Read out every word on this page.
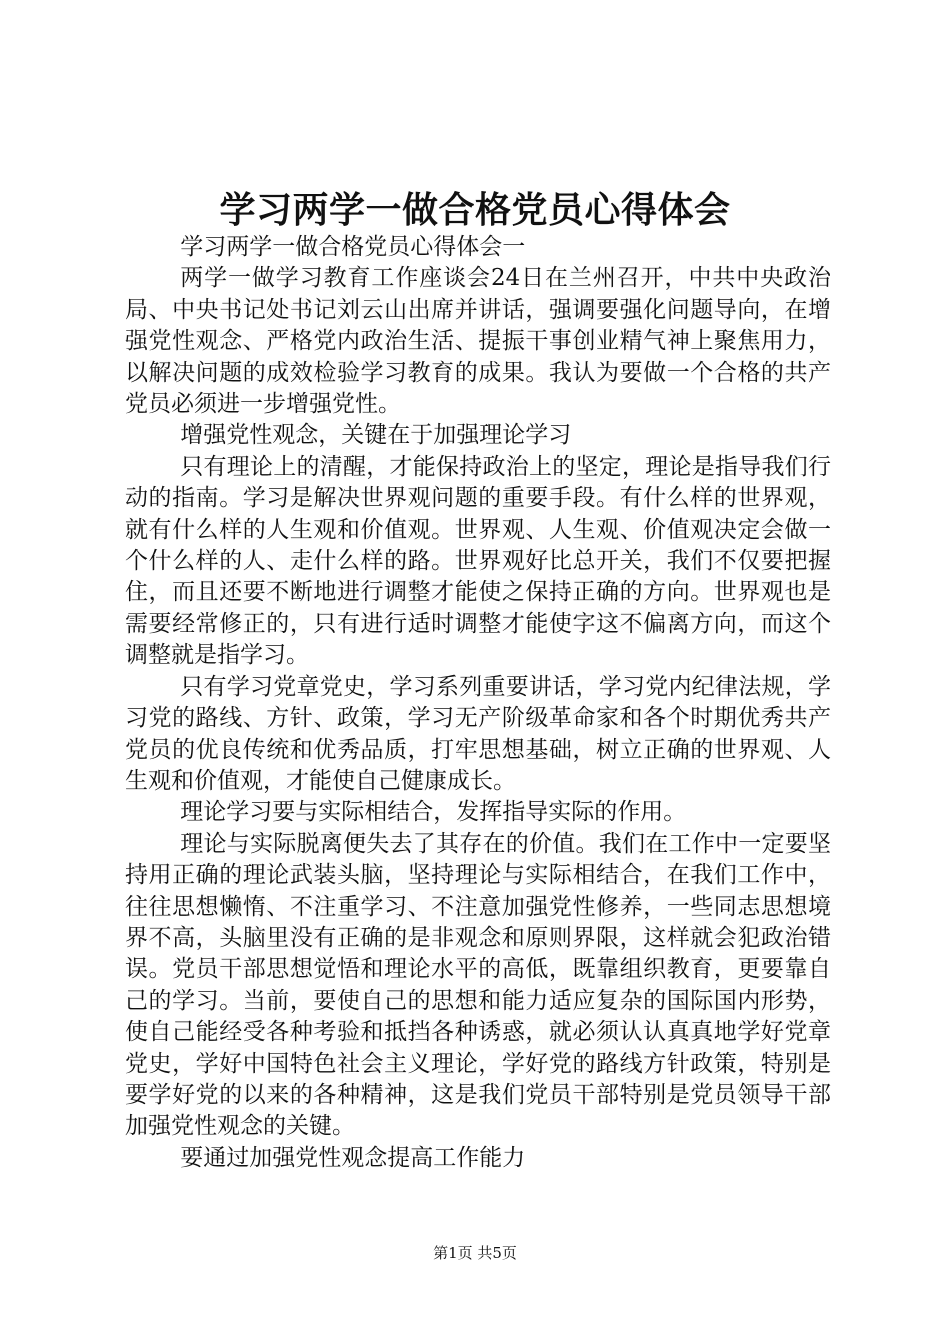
学习两学一做合格党员心得体会

学习两学一做合格党员心得体会一

两学一做学习教育工作座谈会24日在兰州召开，中共中央政治局、中央书记处书记刘云山出席并讲话，强调要强化问题导向，在增强党性观念、严格党内政治生活、提振干事创业精气神上聚焦用力，以解决问题的成效检验学习教育的成果。我认为要做一个合格的共产党员必须进一步增强党性。

增强党性观念，关键在于加强理论学习

只有理论上的清醒，才能保持政治上的坚定，理论是指导我们行动的指南。学习是解决世界观问题的重要手段。有什么样的世界观，就有什么样的人生观和价值观。世界观、人生观、价值观决定会做一个什么样的人、走什么样的路。世界观好比总开关，我们不仅要把握住，而且还要不断地进行调整才能使之保持正确的方向。世界观也是需要经常修正的，只有进行适时调整才能使字这不偏离方向，而这个调整就是指学习。

只有学习党章党史，学习系列重要讲话，学习党内纪律法规，学习党的路线、方针、政策，学习无产阶级革命家和各个时期优秀共产党员的优良传统和优秀品质，打牢思想基础，树立正确的世界观、人生观和价值观，才能使自己健康成长。

理论学习要与实际相结合，发挥指导实际的作用。

理论与实际脱离便失去了其存在的价值。我们在工作中一定要坚持用正确的理论武装头脑，坚持理论与实际相结合，在我们工作中，往往思想懒惰、不注重学习、不注意加强党性修养，一些同志思想境界不高，头脑里没有正确的是非观念和原则界限，这样就会犯政治错误。党员干部思想觉悟和理论水平的高低，既靠组织教育，更要靠自己的学习。当前，要使自己的思想和能力适应复杂的国际国内形势，使自己能经受各种考验和抵挡各种诱惑，就必须认认真真地学好党章党史，学好中国特色社会主义理论，学好党的路线方针政策，特别是要学好党的以来的各种精神，这是我们党员干部特别是党员领导干部加强党性观念的关键。

要通过加强党性观念提高工作能力

第1页 共5页
